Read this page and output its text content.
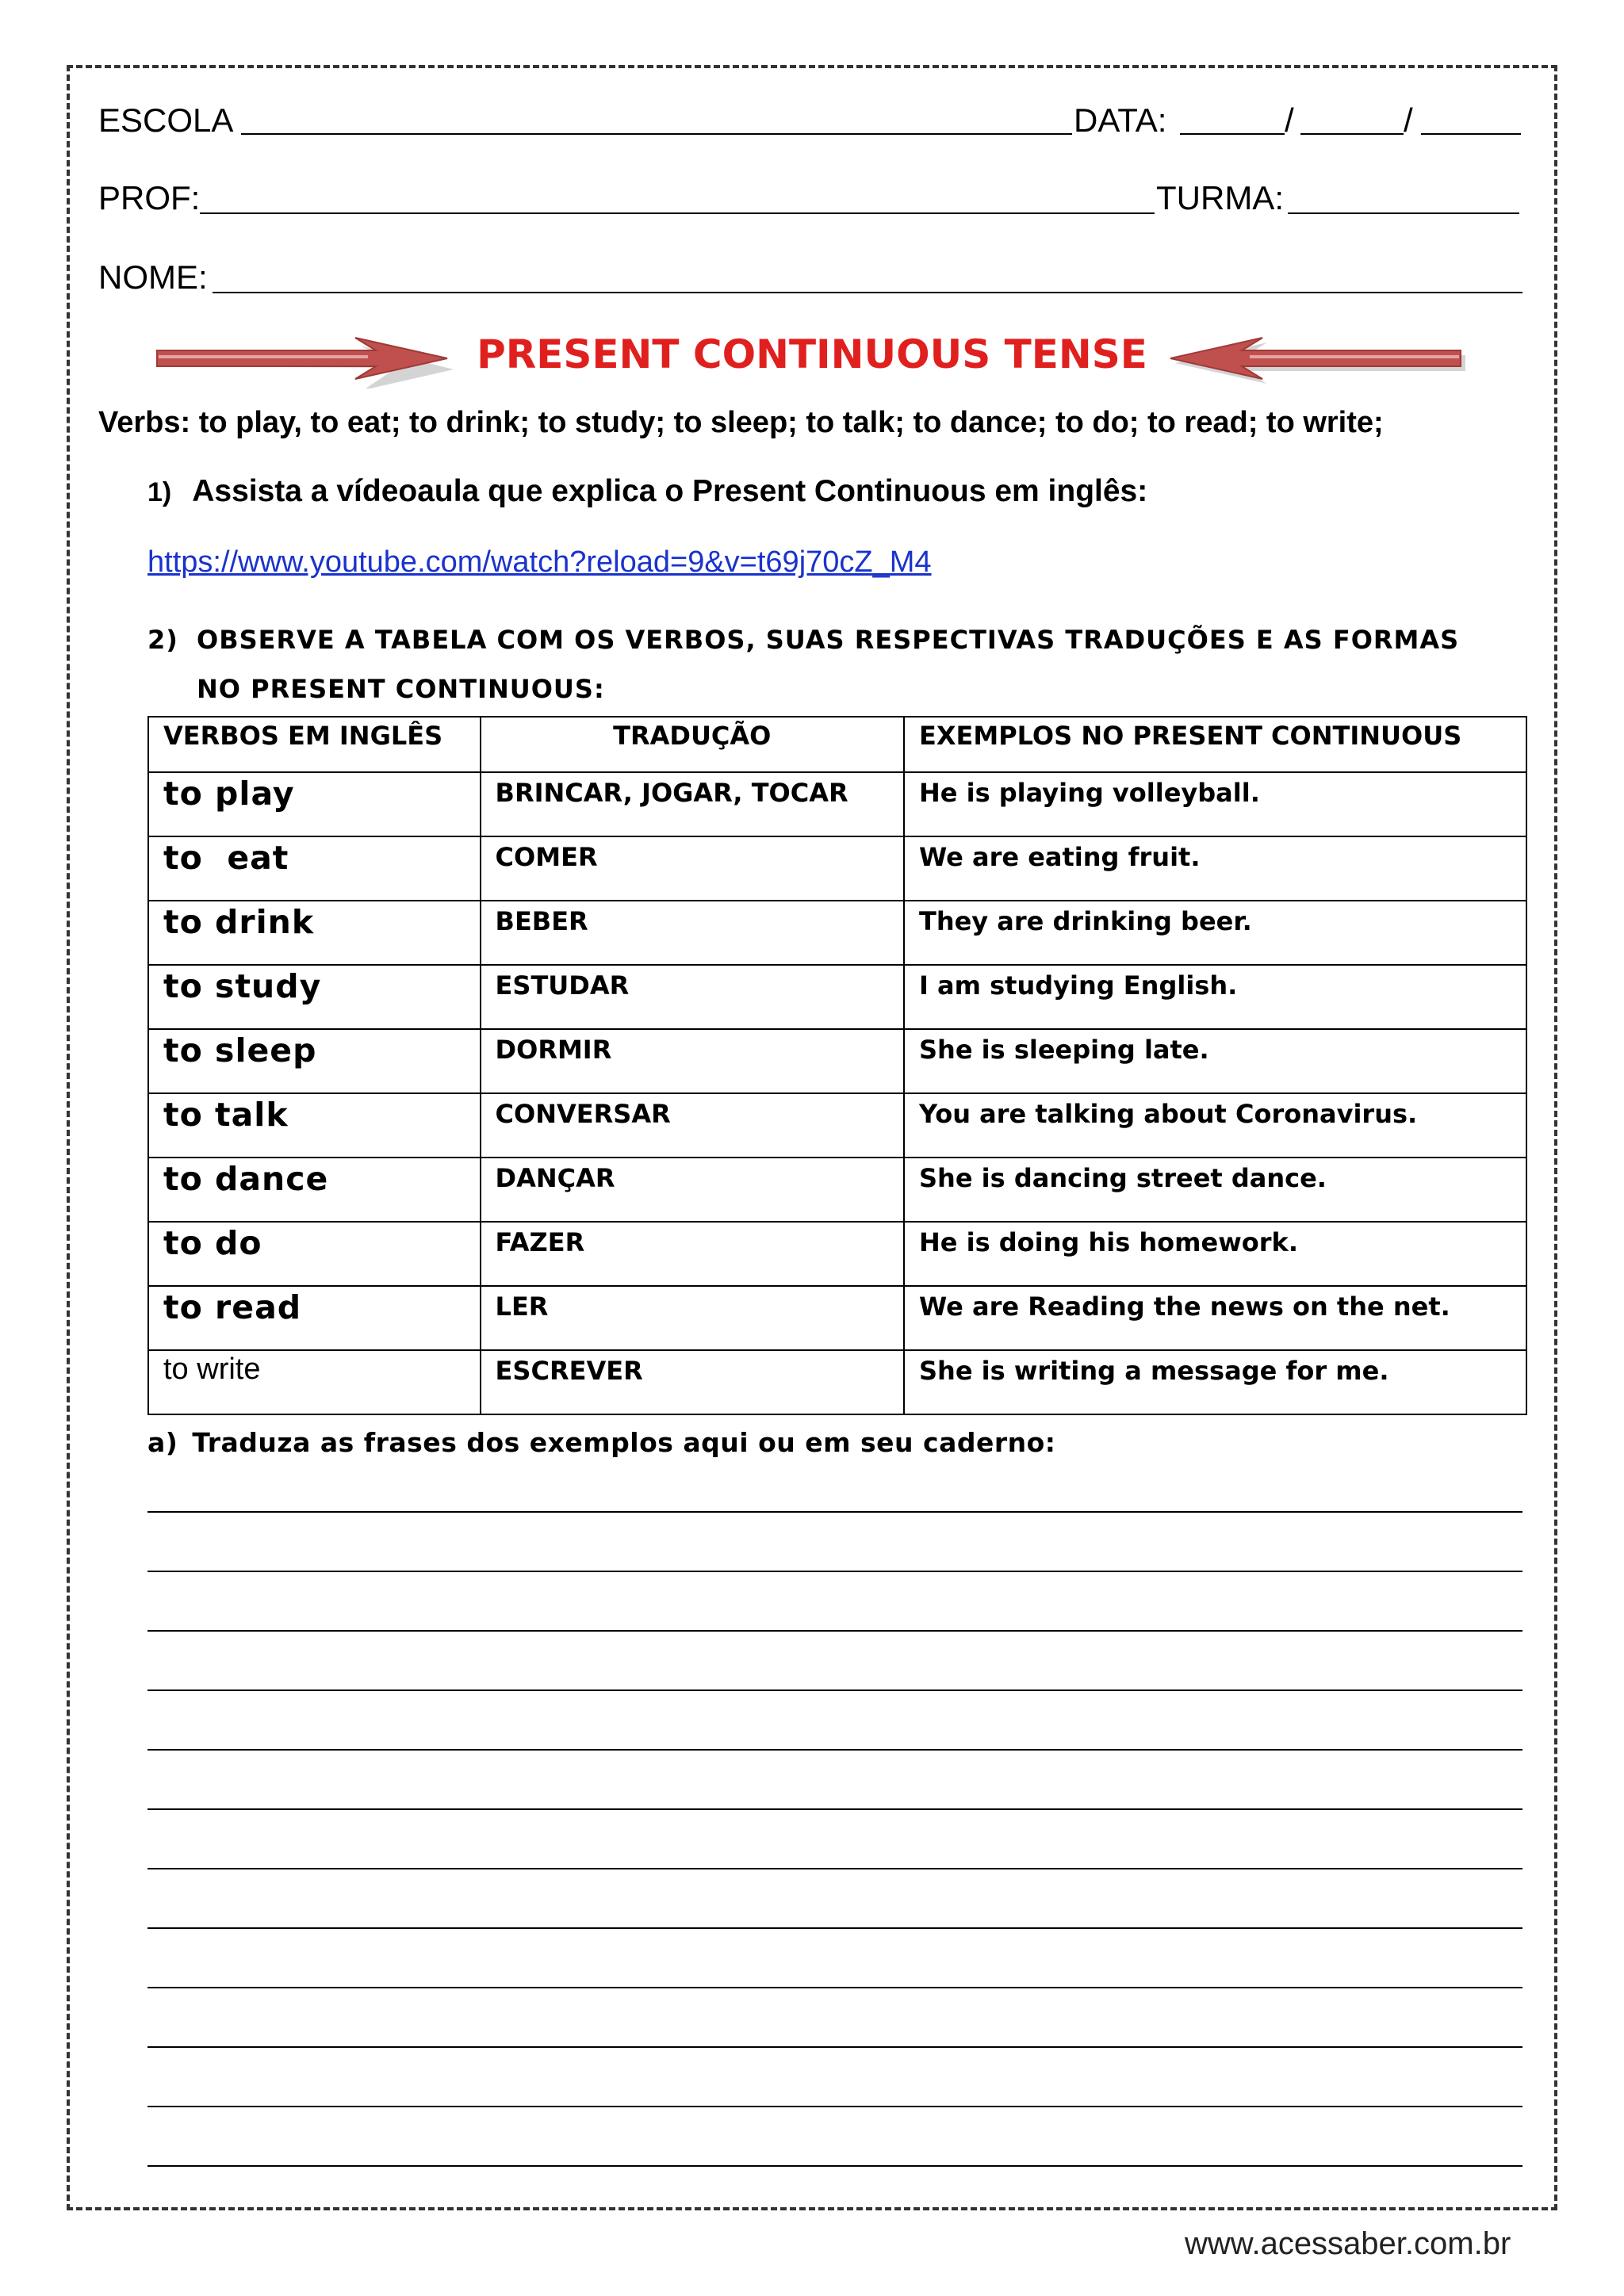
ESCOLA	DATA:	/	/
PROF:	TURMA:
NOME:
PRESENT CONTINUOUS TENSE
Verbs: to play, to eat; to drink; to study; to sleep; to talk; to dance; to do; to read; to write;
1) Assista a vídeoaula que explica o Present Continuous em inglês:
https://www.youtube.com/watch?reload=9&v=t69j70cZ_M4
2) OBSERVE A TABELA COM OS VERBOS, SUAS RESPECTIVAS TRADUÇÕES E AS FORMAS
NO PRESENT CONTINUOUS:
VERBOS EM INGLÊS	TRADUÇÃO	EXEMPLOS NO PRESENT CONTINUOUS
to play	BRINCAR, JOGAR, TOCAR	He is playing volleyball.
to  eat	COMER	We are eating fruit.
to drink	BEBER	They are drinking beer.
to study	ESTUDAR	I am studying English.
to sleep	DORMIR	She is sleeping late.
to talk	CONVERSAR	You are talking about Coronavirus.
to dance	DANÇAR	She is dancing street dance.
to do	FAZER	He is doing his homework.
to read	LER	We are Reading the news on the net.
to write	ESCREVER	She is writing a message for me.
a) Traduza as frases dos exemplos aqui ou em seu caderno:
www.acessaber.com.br
